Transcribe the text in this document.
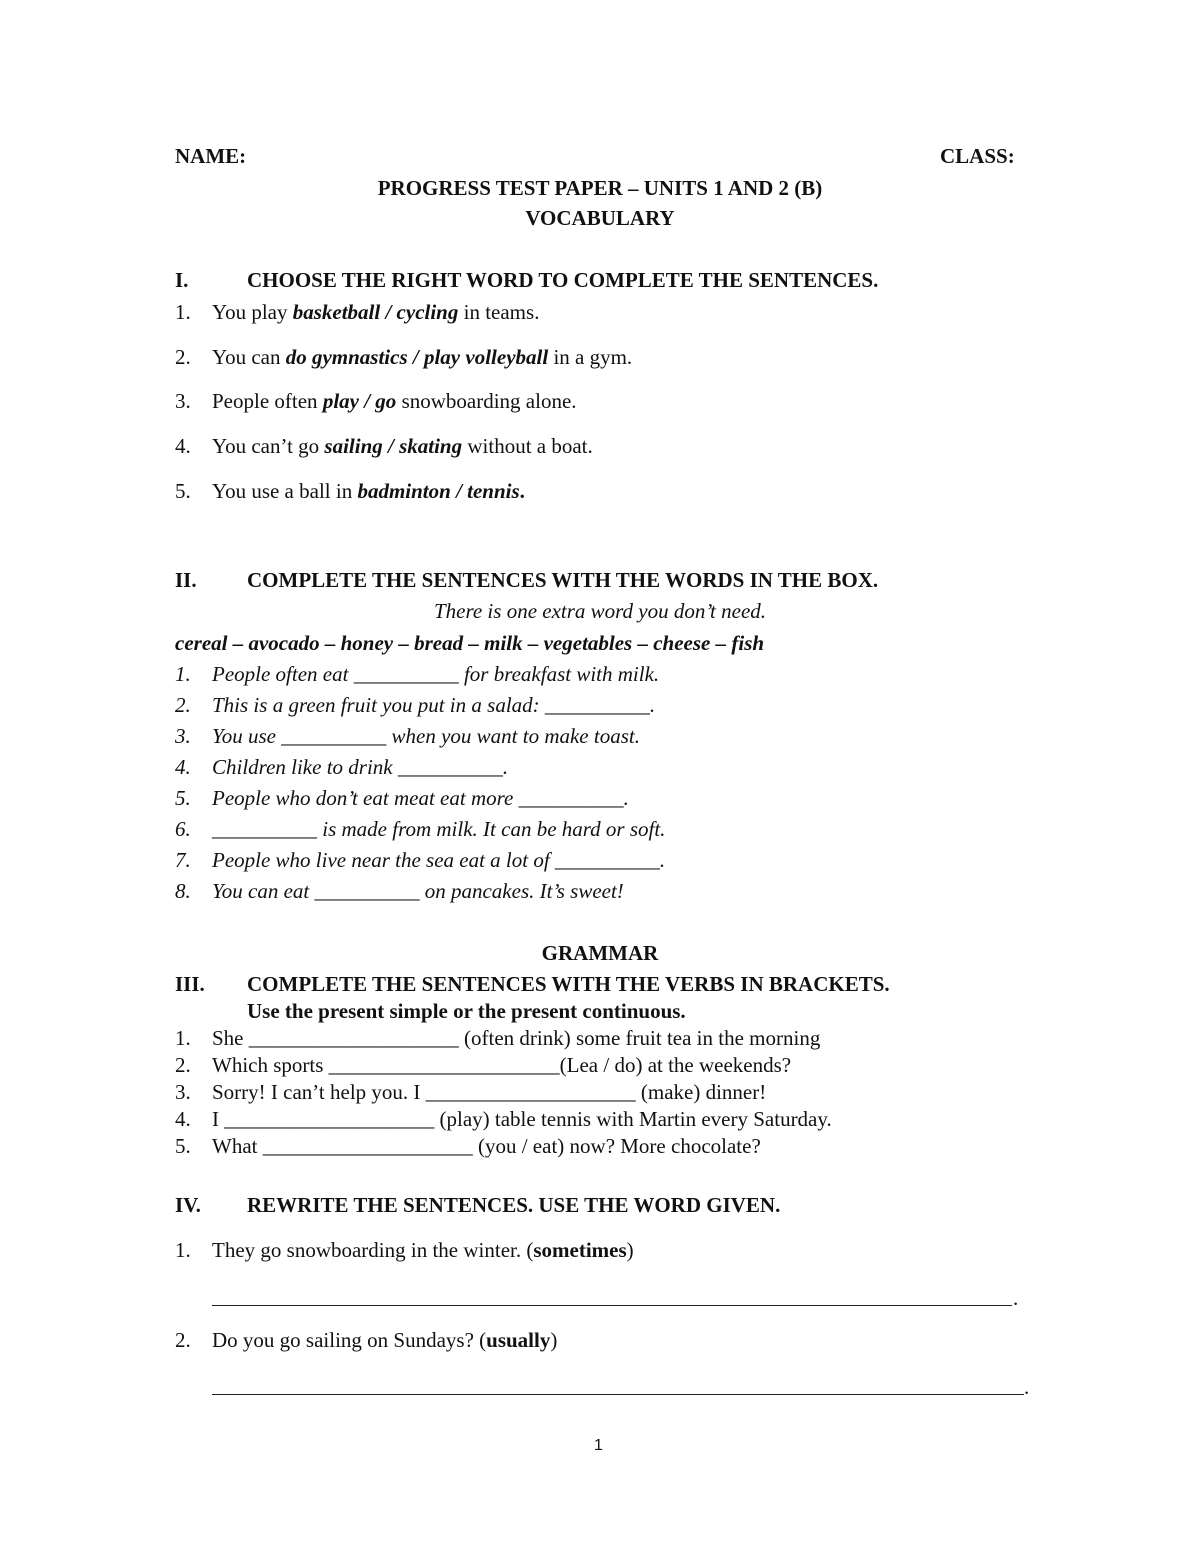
NAME:	CLASS:
PROGRESS TEST PAPER – UNITS 1 AND 2 (B)
VOCABULARY
I.	CHOOSE THE RIGHT WORD TO COMPLETE THE SENTENCES.
1. You play basketball / cycling in teams.
2. You can do gymnastics / play volleyball in a gym.
3. People often play / go snowboarding alone.
4. You can’t go sailing / skating without a boat.
5. You use a ball in badminton / tennis.
II. COMPLETE THE SENTENCES WITH THE WORDS IN THE BOX.
There is one extra word you don’t need.
cereal – avocado – honey – bread – milk – vegetables – cheese – fish
1. People often eat __________ for breakfast with milk.
2. This is a green fruit you put in a salad: __________.
3. You use __________ when you want to make toast.
4. Children like to drink __________.
5. People who don’t eat meat eat more __________.
6. __________ is made from milk. It can be hard or soft.
7. People who live near the sea eat a lot of __________.
8. You can eat __________ on pancakes. It’s sweet!
GRAMMAR
III. COMPLETE THE SENTENCES WITH THE VERBS IN BRACKETS.
Use the present simple or the present continuous.
1. She ____________________ (often drink) some fruit tea in the morning
2. Which sports ______________________(Lea / do) at the weekends?
3. Sorry! I can’t help you. I ____________________ (make) dinner!
4. I ____________________ (play) table tennis with Martin every Saturday.
5. What ____________________ (you / eat) now? More chocolate?
IV. REWRITE THE SENTENCES. USE THE WORD GIVEN.
1. They go snowboarding in the winter. (sometimes)
.
2. Do you go sailing on Sundays? (usually)
.
1
